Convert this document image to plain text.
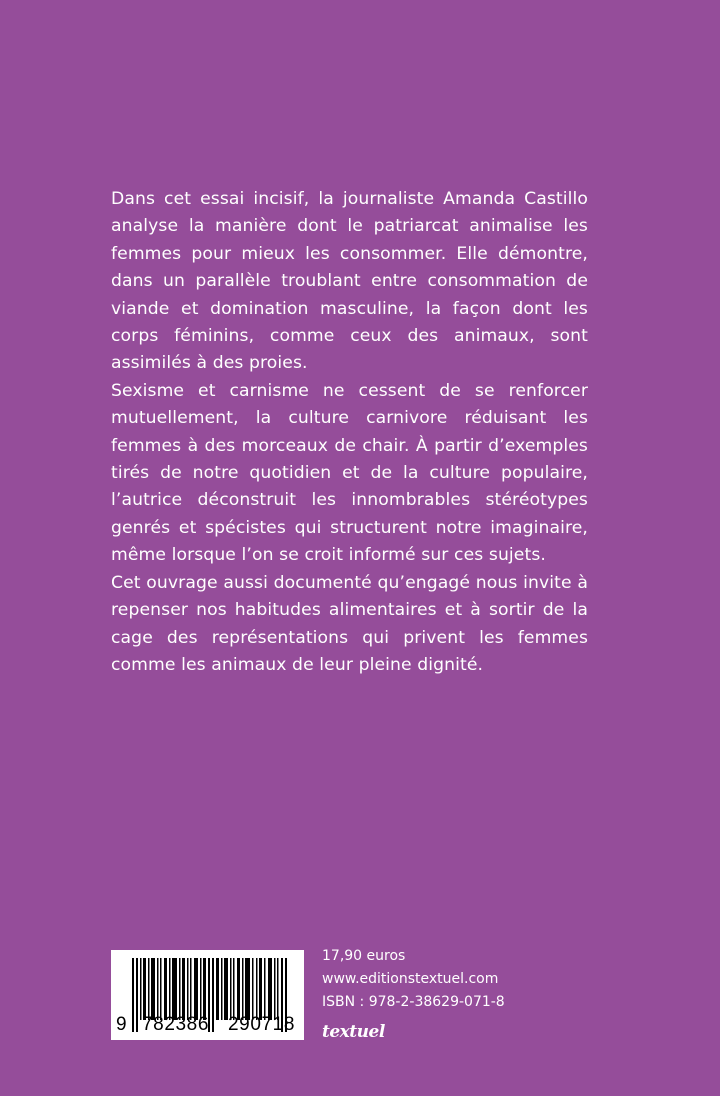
Dans cet essai incisif, la journaliste Amanda Castillo analyse la manière dont le patriarcat animalise les femmes pour mieux les consommer. Elle démontre, dans un parallèle troublant entre consommation de viande et domination masculine, la façon dont les corps féminins, comme ceux des animaux, sont assimilés à des proies.

Sexisme et carnisme ne cessent de se renforcer mutuellement, la culture carnivore réduisant les femmes à des morceaux de chair. À partir d’exemples tirés de notre quotidien et de la culture populaire, l’autrice déconstruit les innombrables stéréotypes genrés et spécistes qui structurent notre imaginaire, même lorsque l’on se croit informé sur ces sujets.

Cet ouvrage aussi documenté qu’engagé nous invite à repenser nos habitudes alimentaires et à sortir de la cage des représentations qui privent les femmes comme les animaux de leur pleine dignité.

9 782386 290718
17,90 euros
www.editionstextuel.com
ISBN : 978-2-38629-071-8
textuel
